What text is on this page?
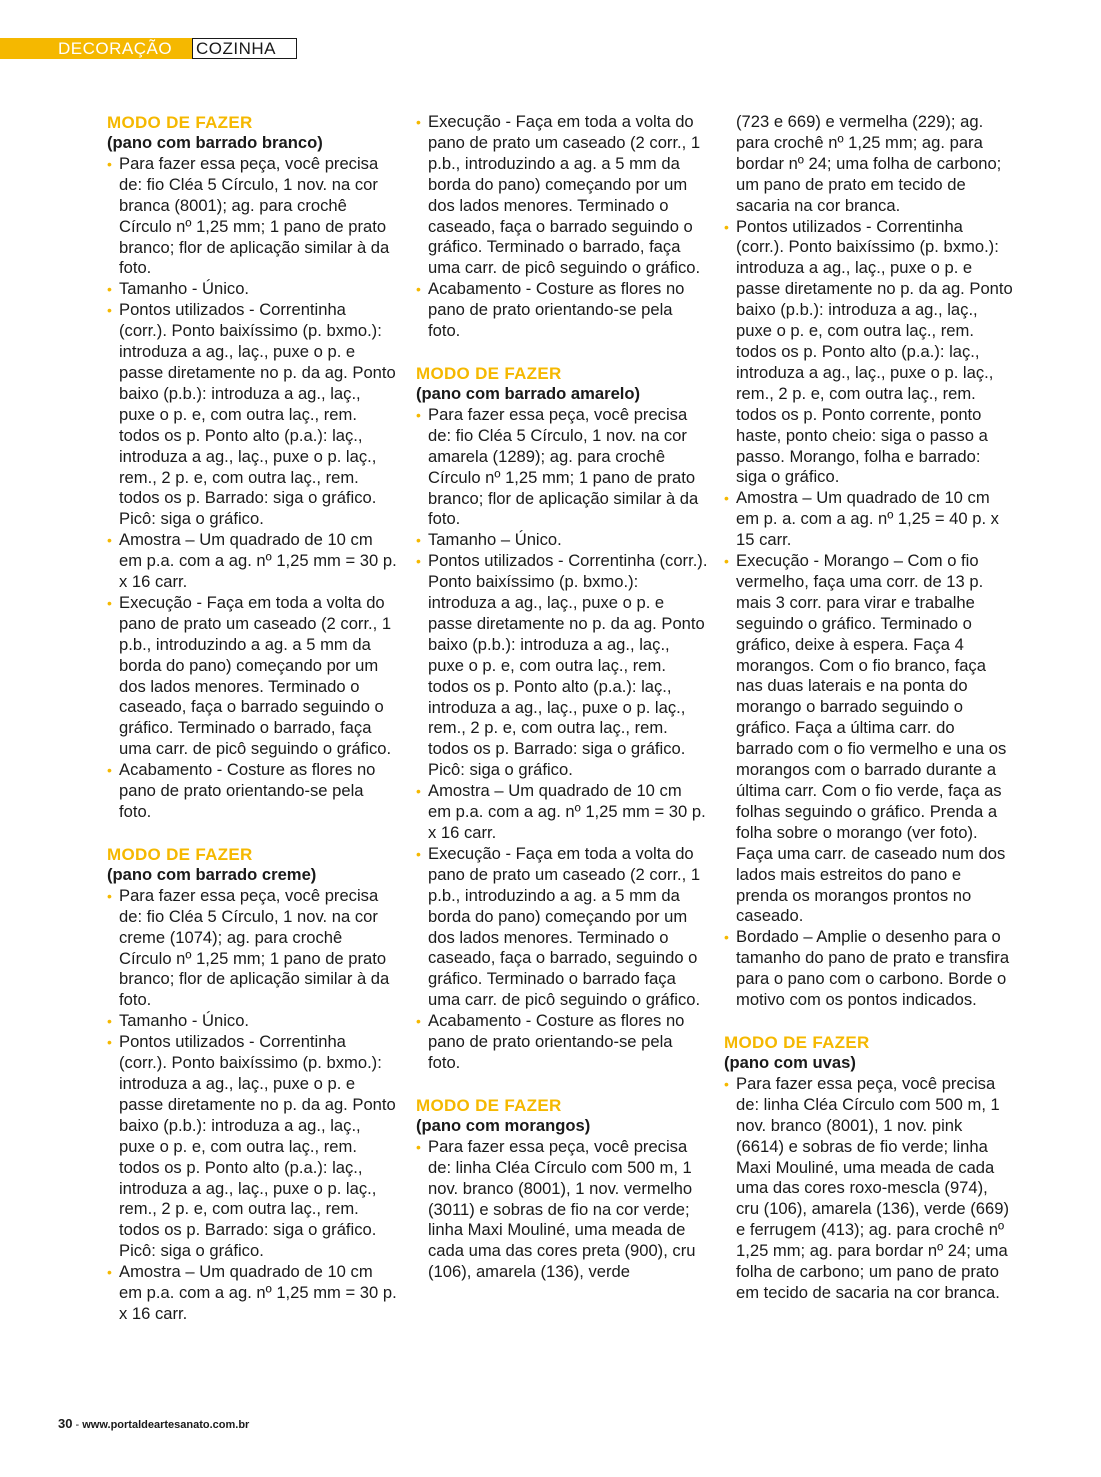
DECORAÇÃO COZINHA
MODO DE FAZER
(pano com barrado branco)
• Para fazer essa peça, você precisa de: fio Cléa 5 Círculo, 1 nov. na cor branca (8001); ag. para crochê Círculo nº 1,25 mm; 1 pano de prato branco; flor de aplicação similar à da foto.
• Tamanho - Único.
• Pontos utilizados - Correntinha (corr.). Ponto baixíssimo (p. bxmo.): introduza a ag., laç., puxe o p. e passe diretamente no p. da ag. Ponto baixo (p.b.): introduza a ag., laç., puxe o p. e, com outra laç., rem. todos os p. Ponto alto (p.a.): laç., introduza a ag., laç., puxe o p. laç., rem., 2 p. e, com outra laç., rem. todos os p. Barrado: siga o gráfico. Picô: siga o gráfico.
• Amostra – Um quadrado de 10 cm em p.a. com a ag. nº 1,25 mm = 30 p. x 16 carr.
• Execução - Faça em toda a volta do pano de prato um caseado (2 corr., 1 p.b., introduzindo a ag. a 5 mm da borda do pano) começando por um dos lados menores. Terminado o caseado, faça o barrado seguindo o gráfico. Terminado o barrado, faça uma carr. de picô seguindo o gráfico.
• Acabamento - Costure as flores no pano de prato orientando-se pela foto.
MODO DE FAZER
(pano com barrado creme)
• Para fazer essa peça, você precisa de: fio Cléa 5 Círculo, 1 nov. na cor creme (1074); ag. para crochê Círculo nº 1,25 mm; 1 pano de prato branco; flor de aplicação similar à da foto.
• Tamanho - Único.
• Pontos utilizados - Correntinha (corr.). Ponto baixíssimo (p. bxmo.): introduza a ag., laç., puxe o p. e passe diretamente no p. da ag. Ponto baixo (p.b.): introduza a ag., laç., puxe o p. e, com outra laç., rem. todos os p. Ponto alto (p.a.): laç., introduza a ag., laç., puxe o p. laç., rem., 2 p. e, com outra laç., rem. todos os p. Barrado: siga o gráfico. Picô: siga o gráfico.
• Amostra – Um quadrado de 10 cm em p.a. com a ag. nº 1,25 mm = 30 p. x 16 carr.
• Execução - Faça em toda a volta do pano de prato um caseado (2 corr., 1 p.b., introduzindo a ag. a 5 mm da borda do pano) começando por um dos lados menores. Terminado o caseado, faça o barrado seguindo o gráfico. Terminado o barrado, faça uma carr. de picô seguindo o gráfico.
• Acabamento - Costure as flores no pano de prato orientando-se pela foto.
MODO DE FAZER
(pano com barrado amarelo)
• Para fazer essa peça, você precisa de: fio Cléa 5 Círculo, 1 nov. na cor amarela (1289); ag. para crochê Círculo nº 1,25 mm; 1 pano de prato branco; flor de aplicação similar à da foto.
• Tamanho – Único.
• Pontos utilizados - Correntinha (corr.). Ponto baixíssimo (p. bxmo.): introduza a ag., laç., puxe o p. e passe diretamente no p. da ag. Ponto baixo (p.b.): introduza a ag., laç., puxe o p. e, com outra laç., rem. todos os p. Ponto alto (p.a.): laç., introduza a ag., laç., puxe o p. laç., rem., 2 p. e, com outra laç., rem. todos os p. Barrado: siga o gráfico. Picô: siga o gráfico.
• Amostra – Um quadrado de 10 cm em p.a. com a ag. nº 1,25 mm = 30 p. x 16 carr.
• Execução - Faça em toda a volta do pano de prato um caseado (2 corr., 1 p.b., introduzindo a ag. a 5 mm da borda do pano) começando por um dos lados menores. Terminado o caseado, faça o barrado, seguindo o gráfico. Terminado o barrado faça uma carr. de picô seguindo o gráfico.
• Acabamento - Costure as flores no pano de prato orientando-se pela foto.
MODO DE FAZER
(pano com morangos)
• Para fazer essa peça, você precisa de: linha Cléa Círculo com 500 m, 1 nov. branco (8001), 1 nov. vermelho (3011) e sobras de fio na cor verde; linha Maxi Mouliné, uma meada de cada uma das cores preta (900), cru (106), amarela (136), verde
(723 e 669) e vermelha (229); ag. para crochê nº 1,25 mm; ag. para bordar nº 24; uma folha de carbono; um pano de prato em tecido de sacaria na cor branca.
• Pontos utilizados - Correntinha (corr.). Ponto baixíssimo (p. bxmo.): introduza a ag., laç., puxe o p. e passe diretamente no p. da ag. Ponto baixo (p.b.): introduza a ag., laç., puxe o p. e, com outra laç., rem. todos os p. Ponto alto (p.a.): laç., introduza a ag., laç., puxe o p. laç., rem., 2 p. e, com outra laç., rem. todos os p. Ponto corrente, ponto haste, ponto cheio: siga o passo a passo. Morango, folha e barrado: siga o gráfico.
• Amostra – Um quadrado de 10 cm em p. a. com a ag. nº 1,25 = 40 p. x 15 carr.
• Execução - Morango – Com o fio vermelho, faça uma corr. de 13 p. mais 3 corr. para virar e trabalhe seguindo o gráfico. Terminado o gráfico, deixe à espera. Faça 4 morangos. Com o fio branco, faça nas duas laterais e na ponta do morango o barrado seguindo o gráfico. Faça a última carr. do barrado com o fio vermelho e una os morangos com o barrado durante a última carr. Com o fio verde, faça as folhas seguindo o gráfico. Prenda a folha sobre o morango (ver foto). Faça uma carr. de caseado num dos lados mais estreitos do pano e prenda os morangos prontos no caseado.
• Bordado – Amplie o desenho para o tamanho do pano de prato e transfira para o pano com o carbono. Borde o motivo com os pontos indicados.
MODO DE FAZER
(pano com uvas)
• Para fazer essa peça, você precisa de: linha Cléa Círculo com 500 m, 1 nov. branco (8001), 1 nov. pink (6614) e sobras de fio verde; linha Maxi Mouliné, uma meada de cada uma das cores roxo-mescla (974), cru (106), amarela (136), verde (669) e ferrugem (413); ag. para crochê nº 1,25 mm; ag. para bordar nº 24; uma folha de carbono; um pano de prato em tecido de sacaria na cor branca.
30 - www.portaldeartesanato.com.br
